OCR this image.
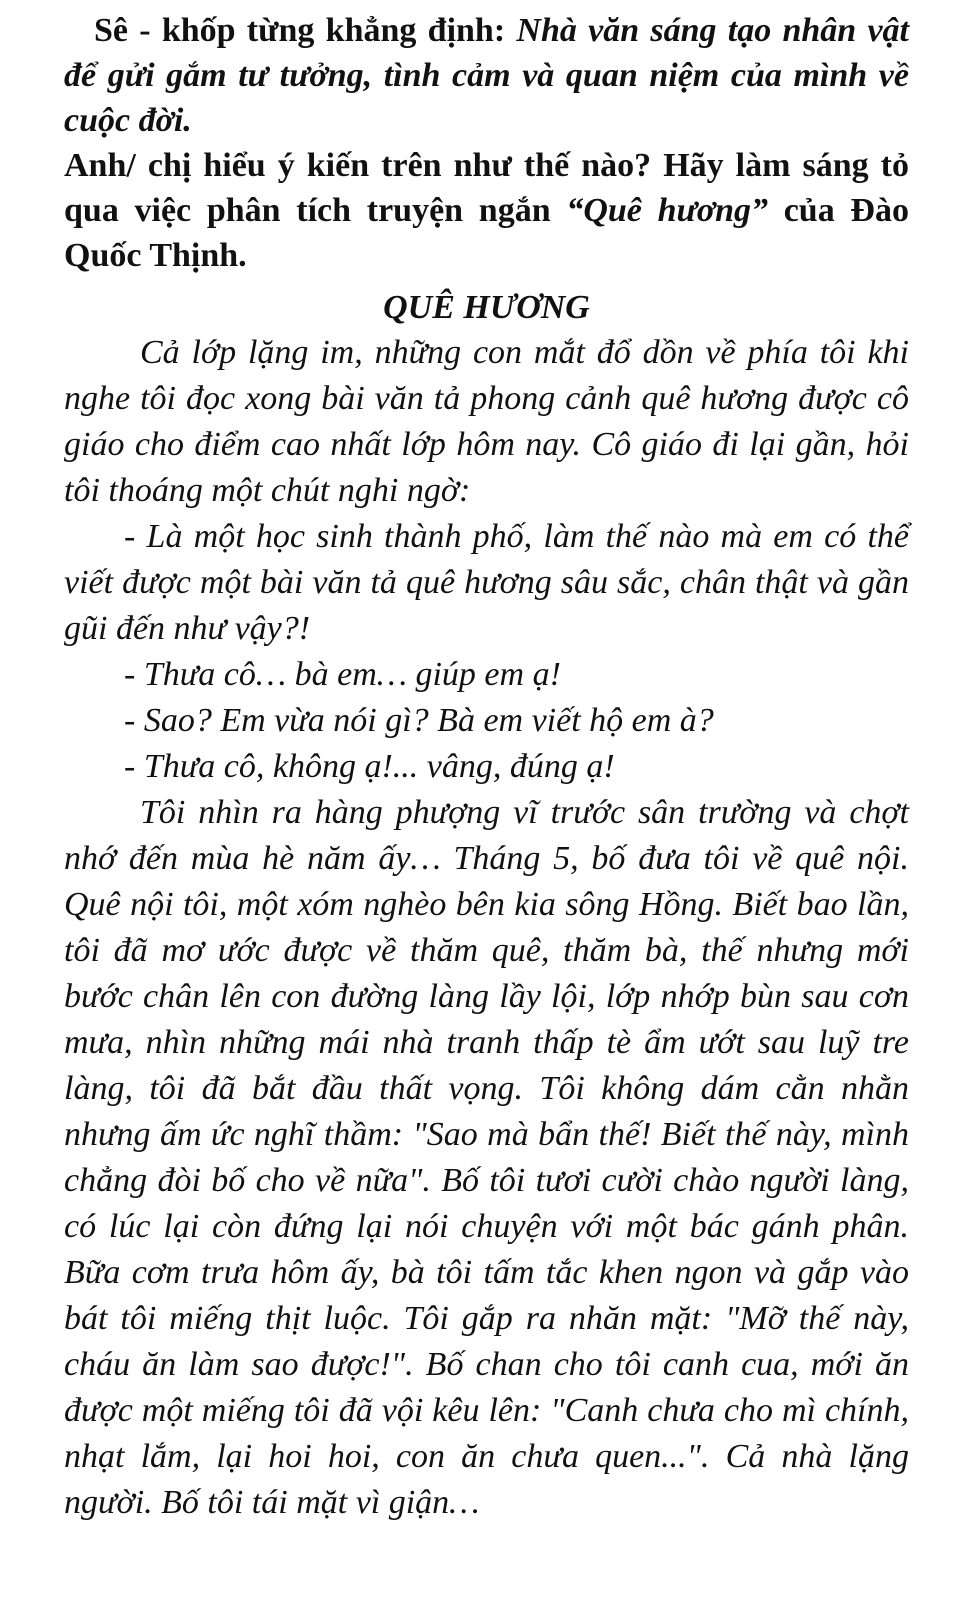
Sê - khốp từng khẳng định: Nhà văn sáng tạo nhân vật để gửi gắm tư tưởng, tình cảm và quan niệm của mình về cuộc đời.

Anh/ chị hiểu ý kiến trên như thế nào? Hãy làm sáng tỏ qua việc phân tích truyện ngắn “Quê hương” của Đào Quốc Thịnh.

QUÊ HƯƠNG

Cả lớp lặng im, những con mắt đổ dồn về phía tôi khi nghe tôi đọc xong bài văn tả phong cảnh quê hương được cô giáo cho điểm cao nhất lớp hôm nay. Cô giáo đi lại gần, hỏi tôi thoáng một chút nghi ngờ:

- Là một học sinh thành phố, làm thế nào mà em có thể viết được một bài văn tả quê hương sâu sắc, chân thật và gần gũi đến như vậy?!

- Thưa cô… bà em… giúp em ạ!

- Sao? Em vừa nói gì? Bà em viết hộ em à?

- Thưa cô, không ạ!... vâng, đúng ạ!

Tôi nhìn ra hàng phượng vĩ trước sân trường và chợt nhớ đến mùa hè năm ấy… Tháng 5, bố đưa tôi về quê nội. Quê nội tôi, một xóm nghèo bên kia sông Hồng. Biết bao lần, tôi đã mơ ước được về thăm quê, thăm bà, thế nhưng mới bước chân lên con đường làng lầy lội, lớp nhớp bùn sau cơn mưa, nhìn những mái nhà tranh thấp tè ẩm ướt sau luỹ tre làng, tôi đã bắt đầu thất vọng. Tôi không dám cằn nhằn nhưng ấm ức nghĩ thầm: "Sao mà bẩn thế! Biết thế này, mình chẳng đòi bố cho về nữa". Bố tôi tươi cười chào người làng, có lúc lại còn đứng lại nói chuyện với một bác gánh phân. Bữa cơm trưa hôm ấy, bà tôi tấm tắc khen ngon và gắp vào bát tôi miếng thịt luộc. Tôi gắp ra nhăn mặt: "Mỡ thế này, cháu ăn làm sao được!". Bố chan cho tôi canh cua, mới ăn được một miếng tôi đã vội kêu lên: "Canh chưa cho mì chính, nhạt lắm, lại hoi hoi, con ăn chưa quen...". Cả nhà lặng người. Bố tôi tái mặt vì giận…
